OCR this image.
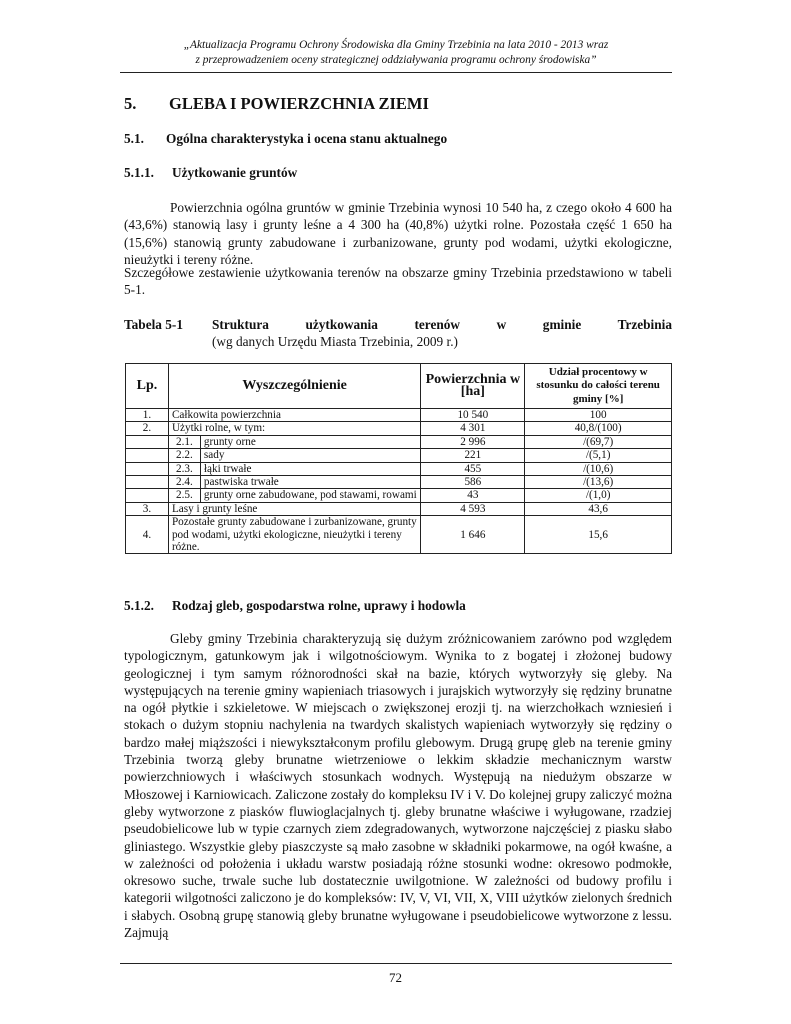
„Aktualizacja Programu Ochrony Środowiska dla Gminy Trzebinia na lata 2010 - 2013 wraz
z przeprowadzeniem oceny strategicznej oddziaływania programu ochrony środowiska”
5. GLEBA I POWIERZCHNIA ZIEMI
5.1. Ogólna charakterystyka i ocena stanu aktualnego
5.1.1. Użytkowanie gruntów

Powierzchnia ogólna gruntów w gminie Trzebinia wynosi 10 540 ha, z czego około 4 600 ha (43,6%) stanowią lasy i grunty leśne a 4 300 ha (40,8%) użytki rolne. Pozostała część 1 650 ha (15,6%) stanowią grunty zabudowane i zurbanizowane, grunty pod wodami, użytki ekologiczne, nieużytki i tereny różne.

Szczegółowe zestawienie użytkowania terenów na obszarze gminy Trzebinia przedstawiono w tabeli 5-1.

Tabela 5-1 Struktura użytkowania terenów w gminie Trzebinia
(wg danych Urzędu Miasta Trzebinia, 2009 r.)
Lp.	Wyszczególnienie		Powierzchnia w [ha]	Udział procentowy w stosunku do całości terenu gminy [%]
1.	Całkowita powierzchnia		10 540	100
2.	Użytki rolne, w tym:		4 301	40,8/(100)
	2.1.	grunty orne	2 996	/(69,7)
	2.2.	sady	221	/(5,1)
	2.3.	łąki trwałe	455	/(10,6)
	2.4.	pastwiska trwałe	586	/(13,6)
	2.5.	grunty orne zabudowane, pod stawami, rowami	43	/(1,0)
3.	Lasy i grunty leśne		4 593	43,6
4.	Pozostałe grunty zabudowane i zurbanizowane, grunty pod wodami, użytki ekologiczne, nieużytki i tereny różne.		1 646	15,6
5.1.2. Rodzaj gleb, gospodarstwa rolne, uprawy i hodowla

Gleby gminy Trzebinia charakteryzują się dużym zróżnicowaniem zarówno pod względem typologicznym, gatunkowym jak i wilgotnościowym. Wynika to z bogatej i złożonej budowy geologicznej i tym samym różnorodności skał na bazie, których wytworzyły się gleby. Na występujących na terenie gminy wapieniach triasowych i jurajskich wytworzyły się rędziny brunatne na ogół płytkie i szkieletowe. W miejscach o zwiększonej erozji tj. na wierzchołkach wzniesień i stokach o dużym stopniu nachylenia na twardych skalistych wapieniach wytworzyły się rędziny o bardzo małej miąższości i niewykształconym profilu glebowym. Drugą grupę gleb na terenie gminy Trzebinia tworzą gleby brunatne wietrzeniowe o lekkim składzie mechanicznym warstw powierzchniowych i właściwych stosunkach wodnych. Występują na niedużym obszarze w Młoszowej i Karniowicach. Zaliczone zostały do kompleksu IV i V. Do kolejnej grupy zaliczyć można gleby wytworzone z piasków fluwioglacjalnych tj. gleby brunatne właściwe i wyługowane, rzadziej pseudobielicowe lub w typie czarnych ziem zdegradowanych, wytworzone najczęściej z piasku słabo gliniastego. Wszystkie gleby piaszczyste są mało zasobne w składniki pokarmowe, na ogół kwaśne, a w zależności od położenia i układu warstw posiadają różne stosunki wodne: okresowo podmokłe, okresowo suche, trwale suche lub dostatecznie uwilgotnione. W zależności od budowy profilu i kategorii wilgotności zaliczono je do kompleksów: IV, V, VI, VII, X, VIII użytków zielonych średnich i słabych. Osobną grupę stanowią gleby brunatne wyługowane i pseudobielicowe wytworzone z lessu. Zajmują

72
